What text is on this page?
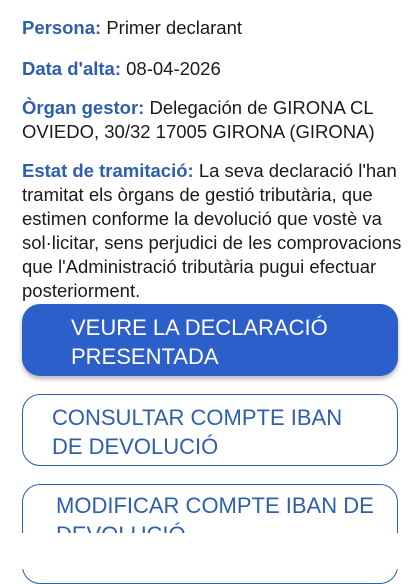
Persona: Primer declarant

Data d'alta: 08-04-2026

Òrgan gestor: Delegación de GIRONA CL OVIEDO, 30/32 17005 GIRONA (GIRONA)

Estat de tramitació: La seva declaració l'han tramitat els òrgans de gestió tributària, que estimen conforme la devolució que vostè va sol·licitar, sens perjudici de les comprovacions que l'Administració tributària pugui efectuar posteriorment.

VEURE LA DECLARACIÓ PRESENTADA
CONSULTAR COMPTE IBAN DE DEVOLUCIÓ
MODIFICAR COMPTE IBAN DE
